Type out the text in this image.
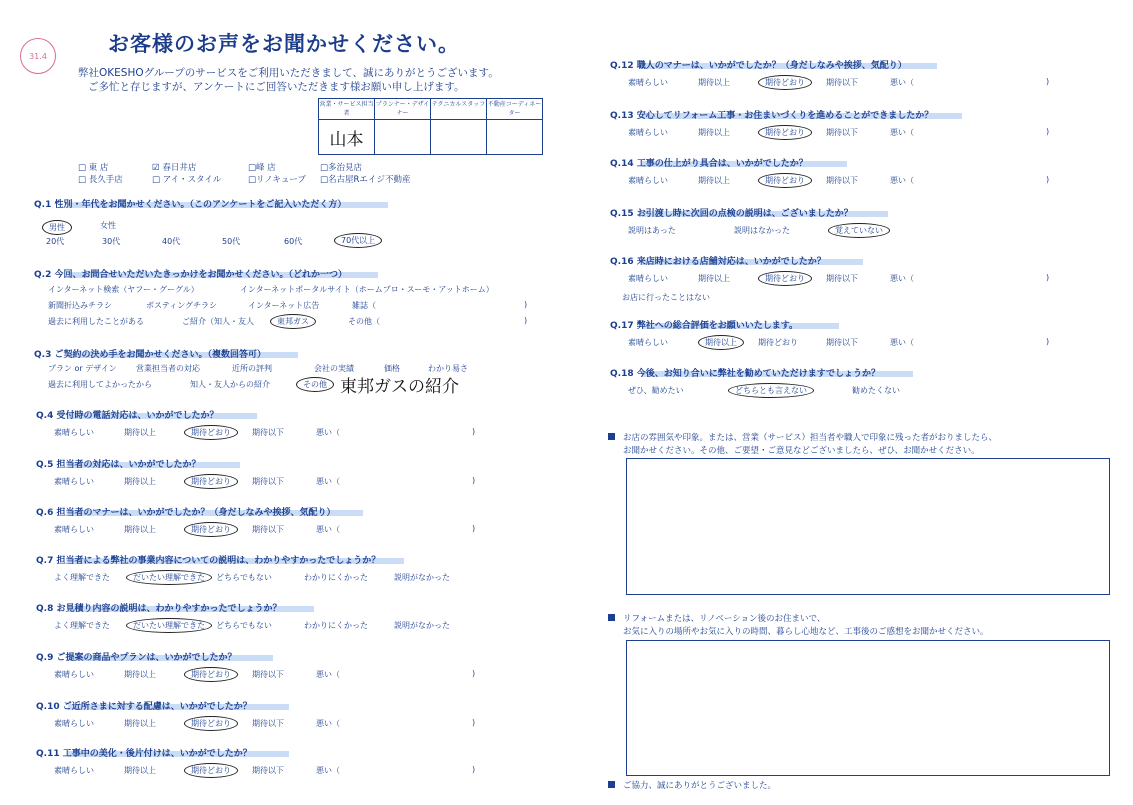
31.4	お客様のお声をお聞かせください。
弊社OKESHOグループのサービスをご利用いただきまして、誠にありがとうございます。
ご多忙と存じますが、アンケートにご回答いただきます様お願い申し上げます。
営業・サービス担当者	プランナー・デザイナー	テクニカルスタッフ	不動産コーディネーター
山本			
□ 東 店	☑ 春日井店	□峰 店	□多治見店
□ 長久手店	□ アイ・スタイル	□リノキューブ □名古屋Rエイジ不動産
Q.1 性別・年代をお聞かせください。（このアンケートをご記入いただく方）
男性	女性
20代	30代	40代	50代	60代	70代以上
Q.2 今回、お問合せいただいたきっかけをお聞かせください。（どれか一つ）
インターネット検索（ヤフー・グーグル）	インターネットポータルサイト（ホームプロ・スーモ・アットホーム）
新聞折込みチラシ	ポスティングチラシ	インターネット広告	雑誌（	)
過去に利用したことがある	ご紹介（知人・友人	東邦ガス	その他（	)
Q.3 ご契約の決め手をお聞かせください。（複数回答可）
プラン or デザイン 営業担当者の対応	近所の評判	会社の実績	価格	わかり易さ
過去に利用してよかったから	知人・友人からの紹介	その他 東邦ガスの紹介
Q.4 受付時の電話対応は、いかがでしたか？
素晴らしい	期待以上	期待どおり	期待以下	悪い（	)
Q.5 担当者の対応は、いかがでしたか？
素晴らしい	期待以上	期待どおり	期待以下	悪い（	)
Q.6 担当者のマナーは、いかがでしたか？（身だしなみや挨拶、気配り）
素晴らしい	期待以上	期待どおり	期待以下	悪い（	)
Q.7 担当者による弊社の事業内容についての説明は、わかりやすかったでしょうか？
よく理解できた	だいたい理解できた	どちらでもない	わかりにくかった	説明がなかった
Q.8 お見積り内容の説明は、わかりやすかったでしょうか？
よく理解できた	だいたい理解できた	どちらでもない	わかりにくかった	説明がなかった
Q.9 ご提案の商品やプランは、いかがでしたか？
素晴らしい	期待以上	期待どおり	期待以下	悪い（	)
Q.10 ご近所さまに対する配慮は、いかがでしたか？
素晴らしい	期待以上	期待どおり	期待以下	悪い（	)
Q.11 工事中の美化・後片付けは、いかがでしたか？
素晴らしい	期待以上	期待どおり	期待以下	悪い（	)
Q.12 職人のマナーは、いかがでしたか？（身だしなみや挨拶、気配り）
素晴らしい	期待以上	期待どおり	期待以下	悪い（	)
Q.13 安心してリフォーム工事・お住まいづくりを進めることができましたか？
素晴らしい	期待以上	期待どおり	期待以下	悪い（	)
Q.14 工事の仕上がり具合は、いかがでしたか？
素晴らしい	期待以上	期待どおり	期待以下	悪い（	)
Q.15 お引渡し時に次回の点検の説明は、ございましたか？
説明はあった	説明はなかった	覚えていない
Q.16 来店時における店舗対応は、いかがでしたか？
素晴らしい	期待以上	期待どおり	期待以下	悪い（	)
Q.17 弊社への総合評価をお願いいたします。
素晴らしい	期待以上	期待どおり	期待以下	悪い（	)
Q.18 今後、お知り合いに弊社を勧めていただけますでしょうか？
ぜひ、勧めたい	どちらとも言えない	勧めたくない
お店に行ったことはない
お店の雰囲気や印象。または、営業（サービス）担当者や職人で印象に残った者がおりましたら、
お聞かせください。その他、ご要望・ご意見などございましたら、ぜひ、お聞かせください。
リフォームまたは、リノベーション後のお住まいで、
お気に入りの場所やお気に入りの時間、暮らし心地など、工事後のご感想をお聞かせください。
ご協力、誠にありがとうございました。
